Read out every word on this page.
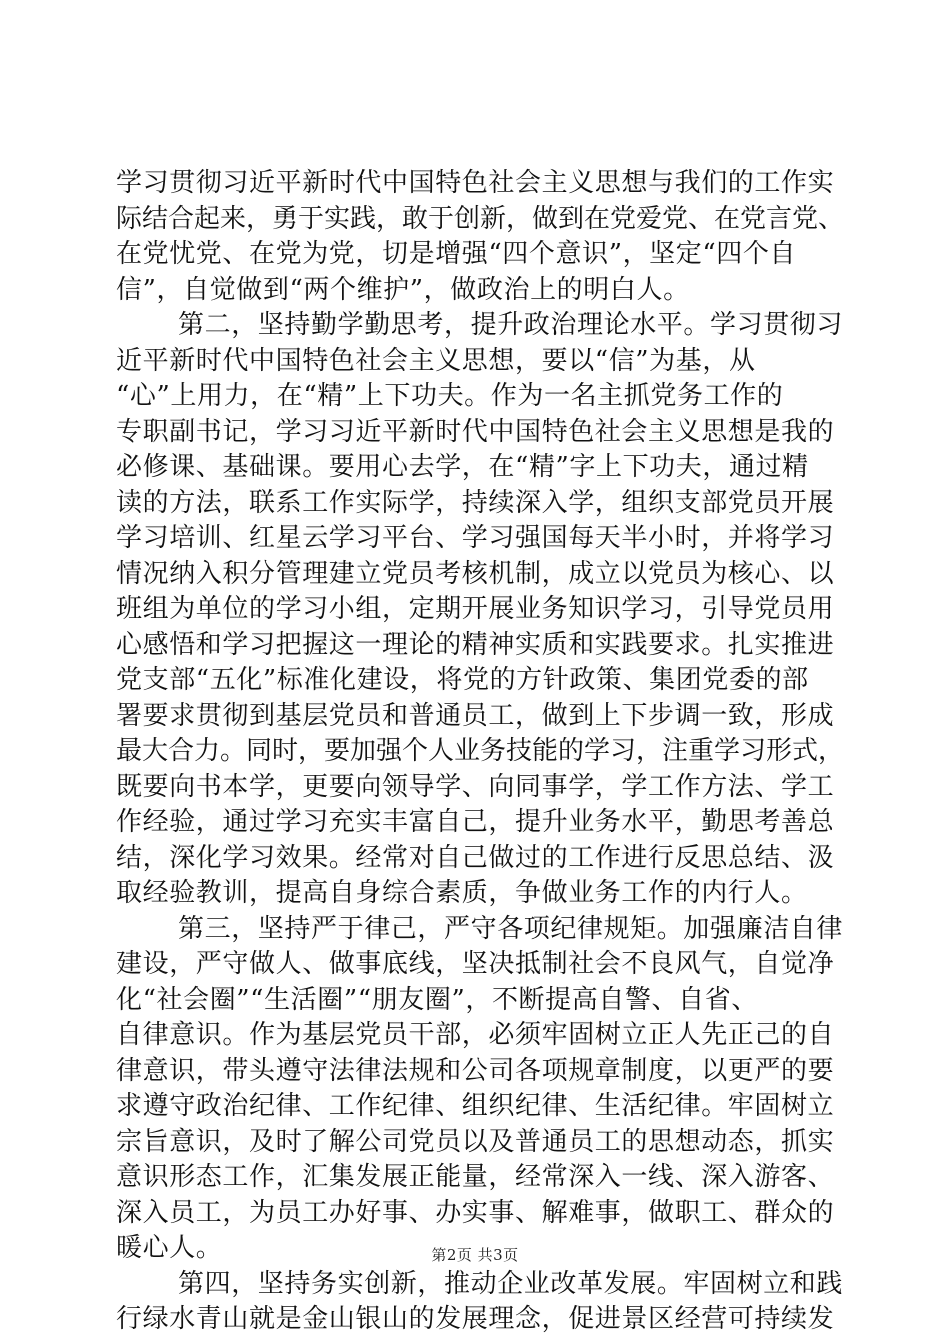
学习贯彻习近平新时代中国特色社会主义思想与我们的工作实
际结合起来，勇于实践，敢于创新，做到在党爱党、在党言党、
在党忧党、在党为党，切是增强“四个意识”，坚定“四个自
信”，自觉做到“两个维护”，做政治上的明白人。
第二，坚持勤学勤思考，提升政治理论水平。学习贯彻习
近平新时代中国特色社会主义思想，要以“信”为基，从
“心”上用力，在“精”上下功夫。作为一名主抓党务工作的
专职副书记，学习习近平新时代中国特色社会主义思想是我的
必修课、基础课。要用心去学，在“精”字上下功夫，通过精
读的方法，联系工作实际学，持续深入学，组织支部党员开展
学习培训、红星云学习平台、学习强国每天半小时，并将学习
情况纳入积分管理建立党员考核机制，成立以党员为核心、以
班组为单位的学习小组，定期开展业务知识学习，引导党员用
心感悟和学习把握这一理论的精神实质和实践要求。扎实推进
党支部“五化”标准化建设，将党的方针政策、集团党委的部
署要求贯彻到基层党员和普通员工，做到上下步调一致，形成
最大合力。同时，要加强个人业务技能的学习，注重学习形式，
既要向书本学，更要向领导学、向同事学，学工作方法、学工
作经验，通过学习充实丰富自己，提升业务水平，勤思考善总
结，深化学习效果。经常对自己做过的工作进行反思总结、汲
取经验教训，提高自身综合素质，争做业务工作的内行人。
第三，坚持严于律己，严守各项纪律规矩。加强廉洁自律
建设，严守做人、做事底线，坚决抵制社会不良风气，自觉净
化“社会圈”“生活圈”“朋友圈”，不断提高自警、自省、
自律意识。作为基层党员干部，必须牢固树立正人先正己的自
律意识，带头遵守法律法规和公司各项规章制度，以更严的要
求遵守政治纪律、工作纪律、组织纪律、生活纪律。牢固树立
宗旨意识，及时了解公司党员以及普通员工的思想动态，抓实
意识形态工作，汇集发展正能量，经常深入一线、深入游客、
深入员工，为员工办好事、办实事、解难事，做职工、群众的
暖心人。
第四，坚持务实创新，推动企业改革发展。牢固树立和践
行绿水青山就是金山银山的发展理念，促进景区经营可持续发
第2页 共3页
